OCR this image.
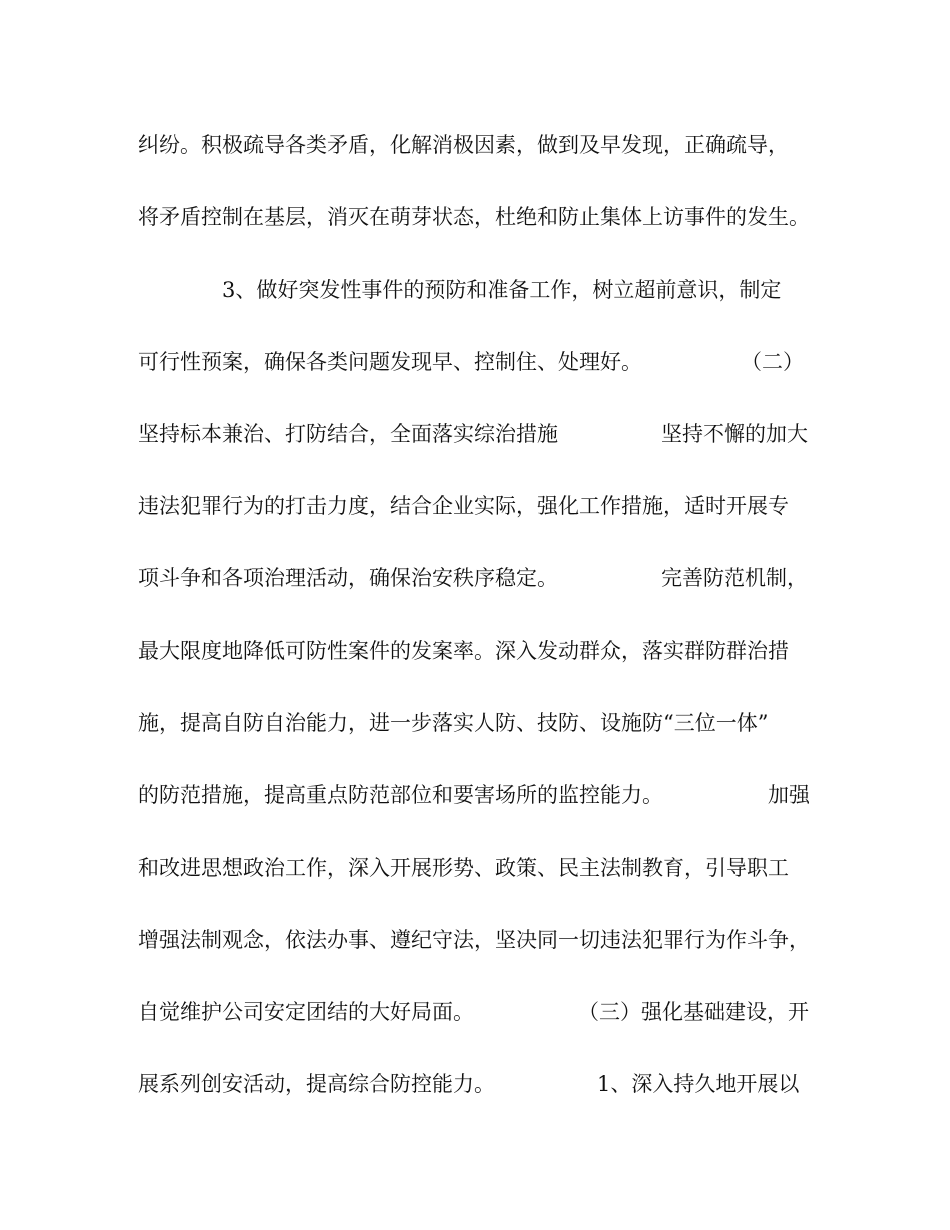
纠纷。积极疏导各类矛盾，化解消极因素，做到及早发现，正确疏导，

将矛盾控制在基层，消灭在萌芽状态，杜绝和防止集体上访事件的发生。

3、做好突发性事件的预防和准备工作，树立超前意识，制定

可行性预案，确保各类问题发现早、控制住、处理好。

	（二）

坚持标本兼治、打防结合，全面落实综治措施

	坚持不懈的加大

违法犯罪行为的打击力度，结合企业实际，强化工作措施，适时开展专

项斗争和各项治理活动，确保治安秩序稳定。

	完善防范机制，

最大限度地降低可防性案件的发案率。深入发动群众，落实群防群治措

施，提高自防自治能力，进一步落实人防、技防、设施防“三位一体”

的防范措施，提高重点防范部位和要害场所的监控能力。

	加强

和改进思想政治工作，深入开展形势、政策、民主法制教育，引导职工

增强法制观念，依法办事、遵纪守法，坚决同一切违法犯罪行为作斗争，

自觉维护公司安定团结的大好局面。

	（三）强化基础建设，开

展系列创安活动，提高综合防控能力。

	1、深入持久地开展以
